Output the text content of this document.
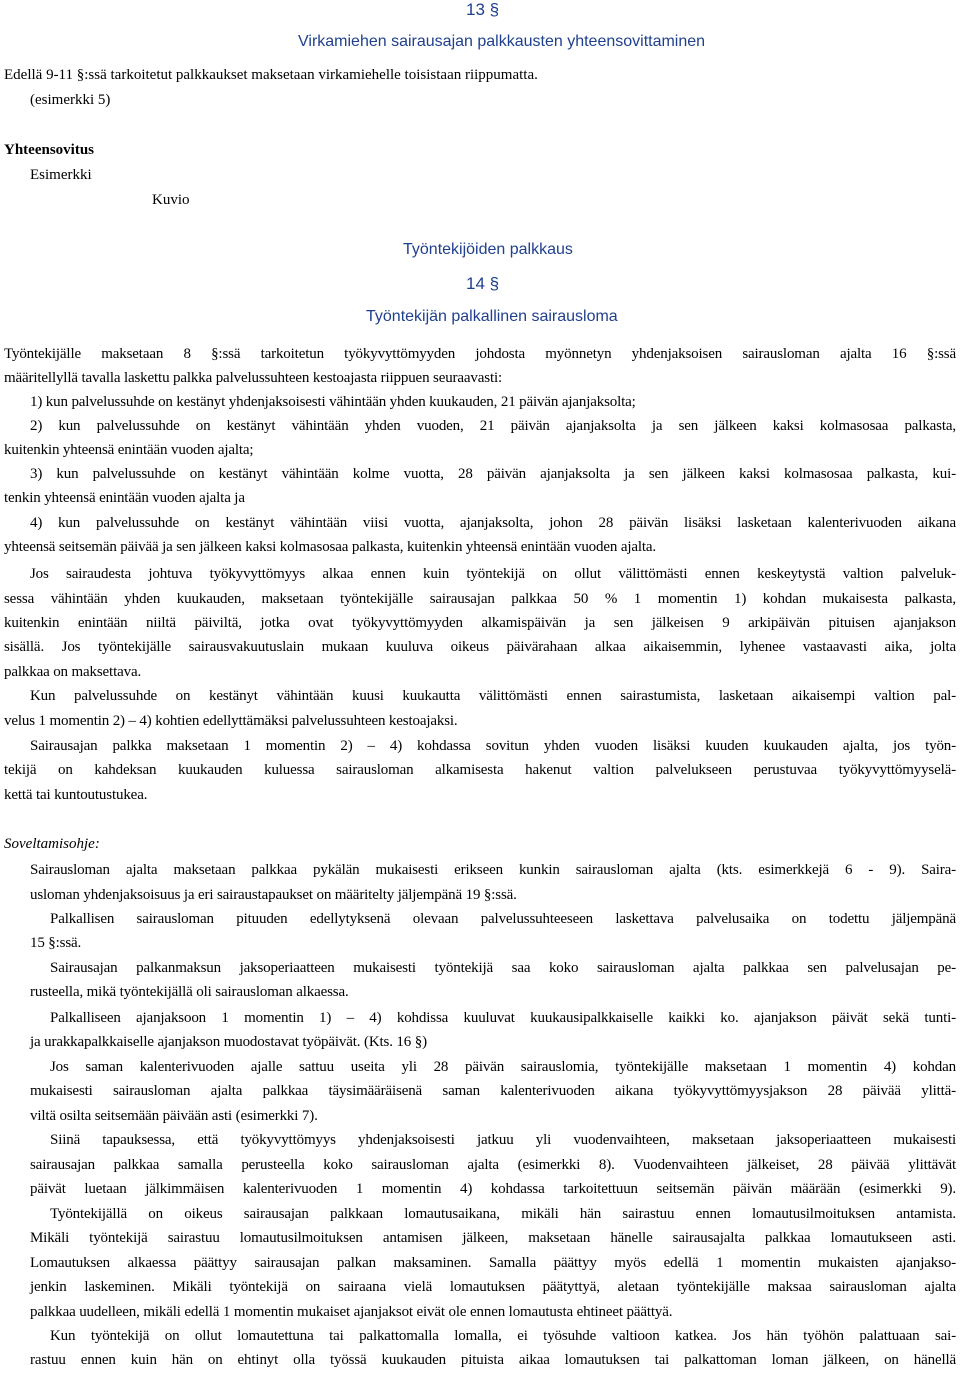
13 §
Virkamiehen sairausajan palkkausten yhteensovittaminen
Edellä 9-11 §:ssä tarkoitetut palkkaukset maksetaan virkamiehelle toisistaan riippumatta.
(esimerkki 5)
Yhteensovitus
Esimerkki
Kuvio
Työntekijöiden palkkaus
14 §
Työntekijän palkallinen sairausloma
Työntekijälle maksetaan 8 §:ssä tarkoitetun työkyvyttömyyden johdosta myönnetyn yhdenjaksoisen sairausloman ajalta 16 §:ssä
määritellyllä tavalla laskettu palkka palvelussuhteen kestoajasta riippuen seuraavasti:
1) kun palvelussuhde on kestänyt yhdenjaksoisesti vähintään yhden kuukauden, 21 päivän ajanjaksolta;
2) kun palvelussuhde on kestänyt vähintään yhden vuoden, 21 päivän ajanjaksolta ja sen jälkeen kaksi kolmasosaa palkasta,
kuitenkin yhteensä enintään vuoden ajalta;
3) kun palvelussuhde on kestänyt vähintään kolme vuotta, 28 päivän ajanjaksolta ja sen jälkeen kaksi kolmasosaa palkasta, kui-
tenkin yhteensä enintään vuoden ajalta ja
4) kun palvelussuhde on kestänyt vähintään viisi vuotta, ajanjaksolta, johon 28 päivän lisäksi lasketaan kalenterivuoden aikana
yhteensä seitsemän päivää ja sen jälkeen kaksi kolmasosaa palkasta, kuitenkin yhteensä enintään vuoden ajalta.
Jos sairaudesta johtuva työkyvyttömyys alkaa ennen kuin työntekijä on ollut välittömästi ennen keskeytystä valtion palveluk-
sessa vähintään yhden kuukauden, maksetaan työntekijälle sairausajan palkkaa 50 % 1 momentin 1) kohdan mukaisesta palkasta,
kuitenkin enintään niiltä päiviltä, jotka ovat työkyvyttömyyden alkamispäivän ja sen jälkeisen 9 arkipäivän pituisen ajanjakson
sisällä. Jos työntekijälle sairausvakuutuslain mukaan kuuluva oikeus päivärahaan alkaa aikaisemmin, lyhenee vastaavasti aika, jolta
palkkaa on maksettava.
Kun palvelussuhde on kestänyt vähintään kuusi kuukautta välittömästi ennen sairastumista, lasketaan aikaisempi valtion pal-
velus 1 momentin 2) – 4) kohtien edellyttämäksi palvelussuhteen kestoajaksi.
Sairausajan palkka maksetaan 1 momentin 2) – 4) kohdassa sovitun yhden vuoden lisäksi kuuden kuukauden ajalta, jos työn-
tekijä on kahdeksan kuukauden kuluessa sairausloman alkamisesta hakenut valtion palvelukseen perustuvaa työkyvyttömyyselä-
kettä tai kuntoutustukea.
Soveltamisohje:
Sairausloman ajalta maksetaan palkkaa pykälän mukaisesti erikseen kunkin sairausloman ajalta (kts. esimerkkejä 6 - 9). Saira-
usloman yhdenjaksoisuus ja eri sairaustapaukset on määritelty jäljempänä 19 §:ssä.
Palkallisen sairausloman pituuden edellytyksenä olevaan palvelussuhteeseen laskettava palvelusaika on todettu jäljempänä
15 §:ssä.
Sairausajan palkanmaksun jaksoperiaatteen mukaisesti työntekijä saa koko sairausloman ajalta palkkaa sen palvelusajan pe-
rusteella, mikä työntekijällä oli sairausloman alkaessa.
Palkalliseen ajanjaksoon 1 momentin 1) – 4) kohdissa kuuluvat kuukausipalkkaiselle kaikki ko. ajanjakson päivät sekä tunti-
ja urakkapalkkaiselle ajanjakson muodostavat työpäivät. (Kts. 16 §)
Jos saman kalenterivuoden ajalle sattuu useita yli 28 päivän sairauslomia, työntekijälle maksetaan 1 momentin 4) kohdan
mukaisesti sairausloman ajalta palkkaa täysimääräisenä saman kalenterivuoden aikana työkyvyttömyysjakson 28 päivää ylittä-
viltä osilta seitsemään päivään asti (esimerkki 7).
Siinä tapauksessa, että työkyvyttömyys yhdenjaksoisesti jatkuu yli vuodenvaihteen, maksetaan jaksoperiaatteen mukaisesti
sairausajan palkkaa samalla perusteella koko sairausloman ajalta (esimerkki 8). Vuodenvaihteen jälkeiset, 28 päivää ylittävät
päivät luetaan jälkimmäisen kalenterivuoden 1 momentin 4) kohdassa tarkoitettuun seitsemän päivän määrään (esimerkki 9).
Työntekijällä on oikeus sairausajan palkkaan lomautusaikana, mikäli hän sairastuu ennen lomautusilmoituksen antamista.
Mikäli työntekijä sairastuu lomautusilmoituksen antamisen jälkeen, maksetaan hänelle sairausajalta palkkaa lomautukseen asti.
Lomautuksen alkaessa päättyy sairausajan palkan maksaminen. Samalla päättyy myös edellä 1 momentin mukaisten ajanjakso-
jenkin laskeminen. Mikäli työntekijä on sairaana vielä lomautuksen päätyttyä, aletaan työntekijälle maksaa sairausloman ajalta
palkkaa uudelleen, mikäli edellä 1 momentin mukaiset ajanjaksot eivät ole ennen lomautusta ehtineet päättyä.
Kun työntekijä on ollut lomautettuna tai palkattomalla lomalla, ei työsuhde valtioon katkea. Jos hän työhön palattuaan sai-
rastuu ennen kuin hän on ehtinyt olla työssä kuukauden pituista aikaa lomautuksen tai palkattoman loman jälkeen, on hänellä
